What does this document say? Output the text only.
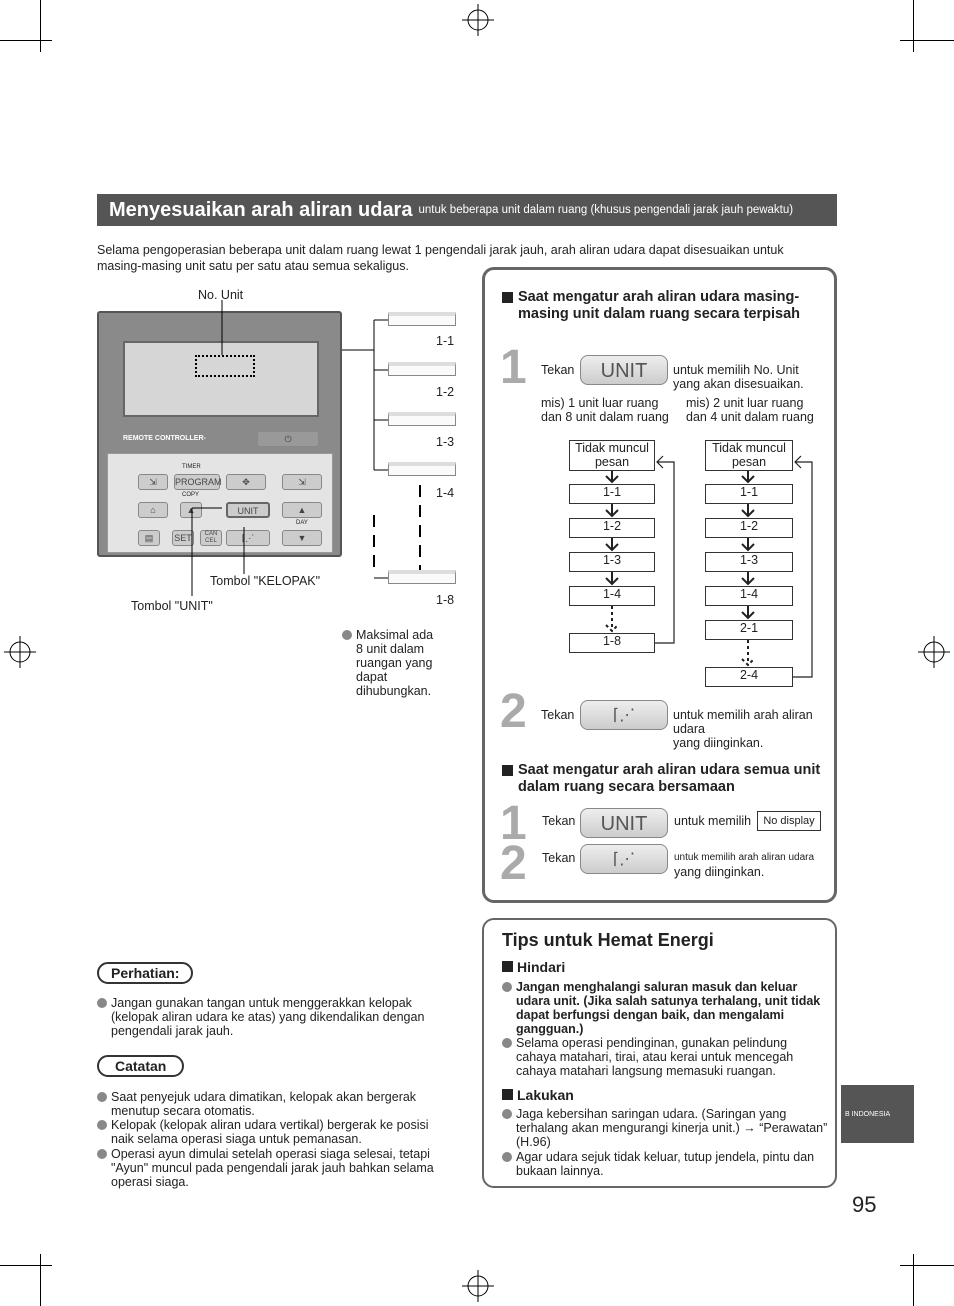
Menyesuaikan arah aliran udara untuk beberapa unit dalam ruang (khusus pengendali jarak jauh pewaktu)
Selama pengoperasian beberapa unit dalam ruang lewat 1 pengendali jarak jauh, arah aliran udara dapat disesuaikan untuk masing-masing unit satu per satu atau semua sekaligus.
No. Unit
REMOTE CONTROLLER-	⏻
TIMER
⇲	PROGRAM	✥	⇲
COPY
⌂	▲	UNIT	▲
▤	SET	CAN CEL	⌈⋰
DAY
▼
1-1
1-2
1-3
1-4
1-8
Tombol "KELOPAK"
Tombol "UNIT"
Maksimal ada 8 unit dalam ruangan yang dapat dihubungkan.
Saat mengatur arah aliran udara masing-masing unit dalam ruang secara terpisah
1 Tekan	UNIT	untuk memilih No. Unit yang akan disesuaikan.
mis) 1 unit luar ruang dan 8 unit dalam ruang
mis) 2 unit luar ruang dan 4 unit dalam ruang
Tidak muncul pesan
1-1
1-2
1-3
1-4
1-8
Tidak muncul pesan
1-1
1-2
1-3
1-4
2-1
2-4
2 Tekan	⌈⋰	untuk memilih arah aliran udara
yang diinginkan.
Saat mengatur arah aliran udara semua unit dalam ruang secara bersamaan
1 Tekan	UNIT	untuk memilih	No display
2 Tekan	⌈⋰	untuk memilih arah aliran udara
yang diinginkan.
Perhatian:
Jangan gunakan tangan untuk menggerakkan kelopak (kelopak aliran udara ke atas) yang dikendalikan dengan pengendali jarak jauh.
Catatan
Saat penyejuk udara dimatikan, kelopak akan bergerak menutup secara otomatis.
Kelopak (kelopak aliran udara vertikal) bergerak ke posisi naik selama operasi siaga untuk pemanasan.
Operasi ayun dimulai setelah operasi siaga selesai, tetapi "Ayun" muncul pada pengendali jarak jauh bahkan selama operasi siaga.
Tips untuk Hemat Energi
Hindari
Jangan menghalangi saluran masuk dan keluar udara unit. (Jika salah satunya terhalang, unit tidak dapat berfungsi dengan baik, dan mengalami gangguan.)
Selama operasi pendinginan, gunakan pelindung cahaya matahari, tirai, atau kerai untuk mencegah cahaya matahari langsung memasuki ruangan.
Lakukan
Jaga kebersihan saringan udara. (Saringan yang terhalang akan mengurangi kinerja unit.) → “Perawatan” (H.96)
Agar udara sejuk tidak keluar, tutup jendela, pintu dan bukaan lainnya.
B INDONESIA
95
